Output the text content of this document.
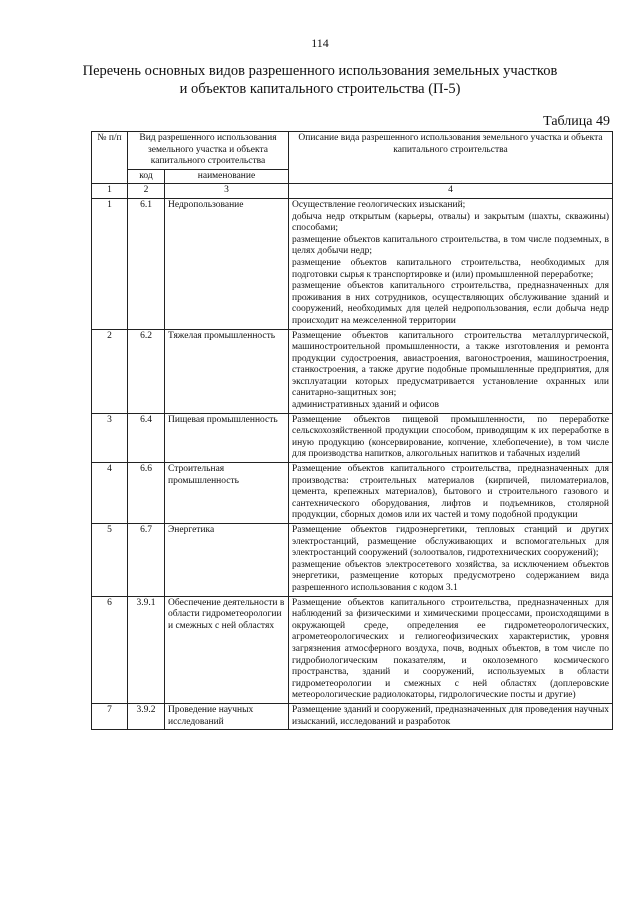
114
Перечень основных видов разрешенного использования земельных участков
и объектов капитального строительства (П-5)
Таблица 49
№ п/п	Вид разрешенного использования земельного участка и объекта капитального строительства		Описание вида разрешенного использования земельного участка и объекта капитального строительства
	код	наименование	
1	2	3	4
1	6.1	Недропользование	Осуществление геологических изысканий;
добыча недр открытым (карьеры, отвалы) и закрытым (шахты, скважины) способами;
размещение объектов капитального строительства, в том числе подземных, в целях добычи недр;
размещение объектов капитального строительства, необходимых для подготовки сырья к транспортировке и (или) промышленной переработке;
размещение объектов капитального строительства, предназначенных для проживания в них сотрудников, осуществляющих обслуживание зданий и сооружений, необходимых для целей недропользования, если добыча недр происходит на межселенной территории

2	6.2	Тяжелая промышленность	Размещение объектов капитального строительства металлургической, машиностроительной промышленности, а также изготовления и ремонта продукции судостроения, авиастроения, вагоностроения, машиностроения, станкостроения, а также другие подобные промышленные предприятия, для эксплуатации которых предусматривается установление охранных или санитарно-защитных зон;
административных зданий и офисов

3	6.4	Пищевая промышленность	Размещение объектов пищевой промышленности, по переработке сельскохозяйственной продукции способом, приводящим к их переработке в иную продукцию (консервирование, копчение, хлебопечение), в том числе для производства напитков, алкогольных напитков и табачных изделий

4	6.6	Строительная промышленность	Размещение объектов капитального строительства, предназначенных для производства: строительных материалов (кирпичей, пиломатериалов, цемента, крепежных материалов), бытового и строительного газового и сантехнического оборудования, лифтов и подъемников, столярной продукции, сборных домов или их частей и тому подобной продукции

5	6.7	Энергетика	Размещение объектов гидроэнергетики, тепловых станций и других электростанций, размещение обслуживающих и вспомогательных для электростанций сооружений (золоотвалов, гидротехнических сооружений);
размещение объектов электросетевого хозяйства, за исключением объектов энергетики, размещение которых предусмотрено содержанием вида разрешенного использования с кодом 3.1

6	3.9.1	Обеспечение деятельности в области гидрометеорологии и смежных с ней областях	Размещение объектов капитального строительства, предназначенных для наблюдений за физическими и химическими процессами, происходящими в окружающей среде, определения ее гидрометеорологических, агрометеорологических и гелиогеофизических характеристик, уровня загрязнения атмосферного воздуха, почв, водных объектов, в том числе по гидробиологическим показателям, и околоземного космического пространства, зданий и сооружений, используемых в области гидрометеорологии и смежных с ней областях (доплеровские метеорологические радиолокаторы, гидрологические посты и другие)

7	3.9.2	Проведение научных исследований	Размещение зданий и сооружений, предназначенных для проведения научных изысканий, исследований и разработок
